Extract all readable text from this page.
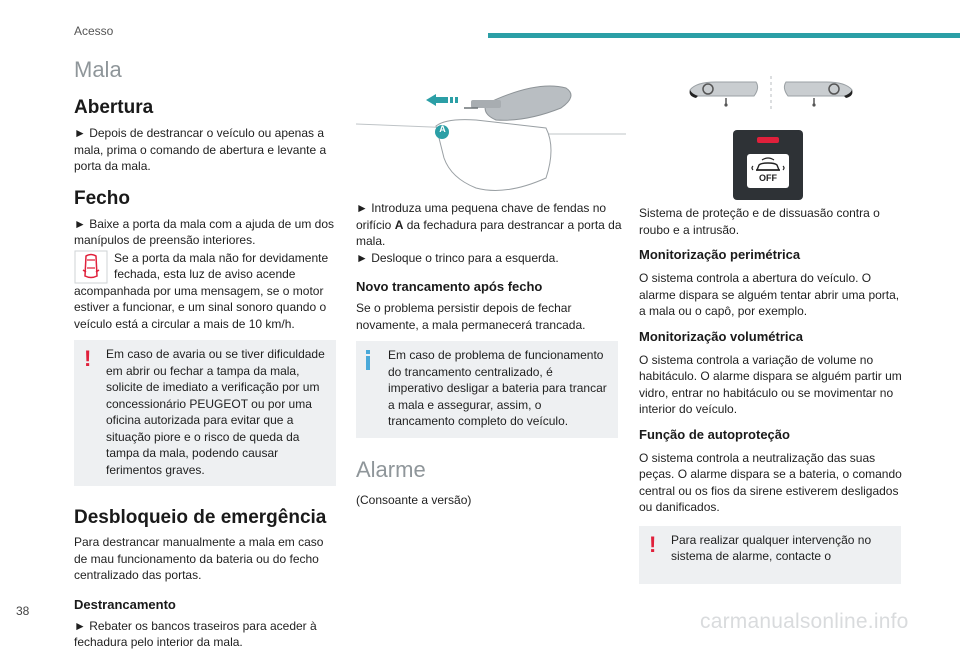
Acesso
Mala
Abertura
► Depois de destrancar o veículo ou apenas a mala, prima o comando de abertura e levante a porta da mala.
Fecho
► Baixe a porta da mala com a ajuda de um dos manípulos de preensão interiores.
Se a porta da mala não for devidamente
fechada, esta luz de aviso acende
acompanhada por uma mensagem, se o motor estiver a funcionar, e um sinal sonoro quando o veículo está a circular a mais de 10 km/h.
!	Em caso de avaria ou se tiver dificuldade em abrir ou fechar a tampa da mala, solicite de imediato a verificação por um concessionário PEUGEOT ou por uma oficina autorizada para evitar que a situação piore e o risco de queda da tampa da mala, podendo causar ferimentos graves.
Desbloqueio de emergência
Para destrancar manualmente a mala em caso de mau funcionamento da bateria ou do fecho centralizado das portas.
Destrancamento
► Rebater os bancos traseiros para aceder à fechadura pelo interior da mala.
A
► Introduza uma pequena chave de fendas no orifício A da fechadura para destrancar a porta da mala.
► Desloque o trinco para a esquerda.
Novo trancamento após fecho
Se o problema persistir depois de fechar novamente, a mala permanecerá trancada.
Em caso de problema de funcionamento do trancamento centralizado, é imperativo desligar a bateria para trancar a mala e assegurar, assim, o trancamento completo do veículo.
Alarme
(Consoante a versão)
OFF
Sistema de proteção e de dissuasão contra o roubo e a intrusão.
Monitorização perimétrica
O sistema controla a abertura do veículo. O alarme dispara se alguém tentar abrir uma porta, a mala ou o capô, por exemplo.
Monitorização volumétrica
O sistema controla a variação de volume no habitáculo. O alarme dispara se alguém partir um vidro, entrar no habitáculo ou se movimentar no interior do veículo.
Função de autoproteção
O sistema controla a neutralização das suas peças. O alarme dispara se a bateria, o comando central ou os fios da sirene estiverem desligados ou danificados.
!	Para realizar qualquer intervenção no sistema de alarme, contacte o
38	carmanualsonline.info
